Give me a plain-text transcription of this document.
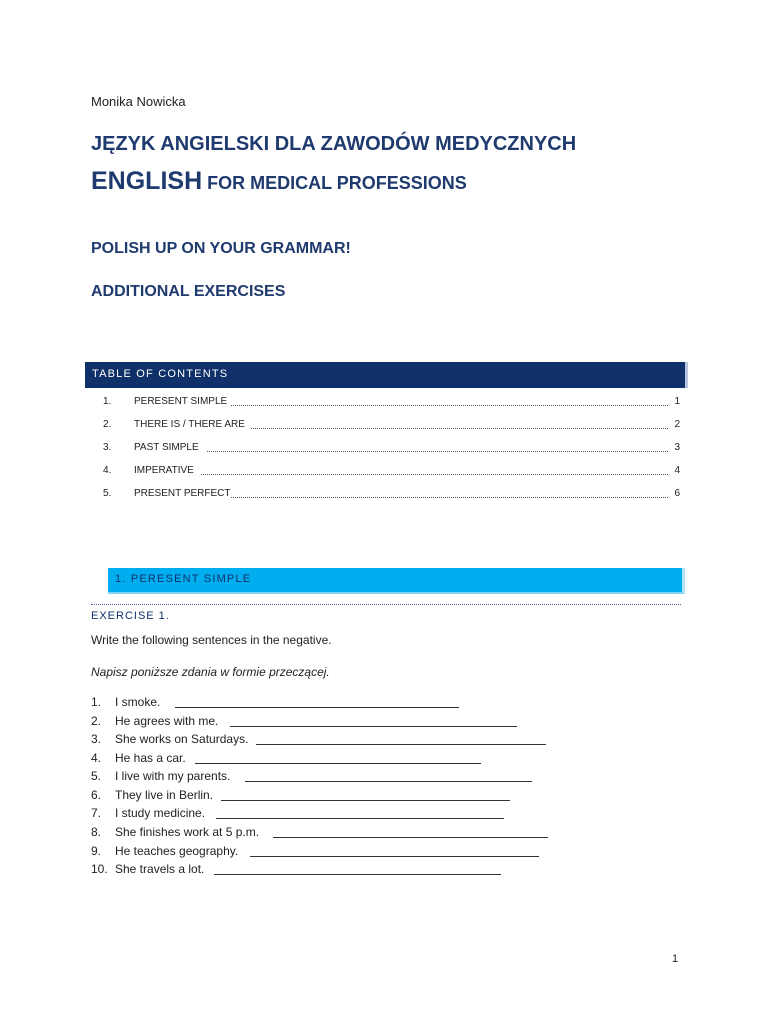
Monika Nowicka
JĘZYK ANGIELSKI DLA ZAWODÓW MEDYCZNYCH
ENGLISH FOR MEDICAL PROFESSIONS
POLISH UP ON YOUR GRAMMAR!
ADDITIONAL EXERCISES
TABLE OF CONTENTS
1. PERESENT SIMPLE	1
2. THERE IS / THERE ARE	2
3. PAST SIMPLE	3
4. IMPERATIVE	4
5. PRESENT PERFECT	6
1. PERESENT SIMPLE
EXERCISE 1.
Write the following sentences in the negative.
Napisz poniższe zdania w formie przeczącej.
1.	I smoke.
2.	He agrees with me.
3.	She works on Saturdays.
4.	He has a car.
5.	I live with my parents.
6.	They live in Berlin.
7.	I study medicine.
8.	She finishes work at 5 p.m.
9.	He teaches geography.
10. She travels a lot.
1
